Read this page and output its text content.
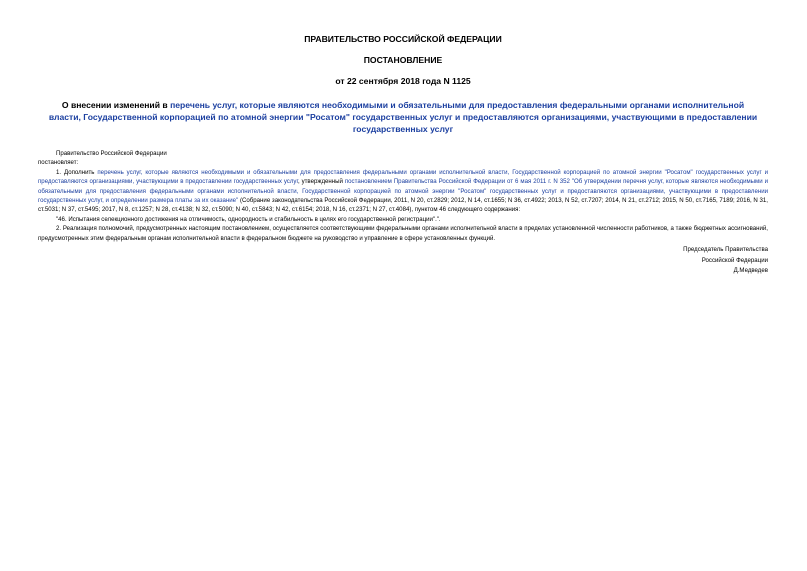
ПРАВИТЕЛЬСТВО РОССИЙСКОЙ ФЕДЕРАЦИИ
ПОСТАНОВЛЕНИЕ
от 22 сентября 2018 года N 1125
О внесении изменений в перечень услуг, которые являются необходимыми и обязательными для предоставления федеральными органами исполнительной власти, Государственной корпорацией по атомной энергии "Росатом" государственных услуг и предоставляются организациями, участвующими в предоставлении государственных услуг
Правительство Российской Федерации
постановляет:
1. Дополнить перечень услуг, которые являются необходимыми и обязательными для предоставления федеральными органами исполнительной власти, Государственной корпорацией по атомной энергии "Росатом" государственных услуг и предоставляются организациями, участвующими в предоставлении государственных услуг, утвержденный постановлением Правительства Российской Федерации от 6 мая 2011 г. N 352 "Об утверждении перечня услуг, которые являются необходимыми и обязательными для предоставления федеральными органами исполнительной власти, Государственной корпорацией по атомной энергии "Росатом" государственных услуг и предоставляются организациями, участвующими в предоставлении государственных услуг, и определении размера платы за их оказание" (Собрание законодательства Российской Федерации, 2011, N 20, ст.2829; 2012, N 14, ст.1655; N 36, ст.4922; 2013, N 52, ст.7207; 2014, N 21, ст.2712; 2015, N 50, ст.7165, 7189; 2016, N 31, ст.5031; N 37, ст.5495; 2017, N 8, ст.1257; N 28, ст.4138; N 32, ст.5090; N 40, ст.5843; N 42, ст.6154; 2018, N 16, ст.2371; N 27, ст.4084), пунктом 46 следующего содержания:
"46. Испытания селекционного достижения на отличимость, однородность и стабильность в целях его государственной регистрации".".
2. Реализация полномочий, предусмотренных настоящим постановлением, осуществляется соответствующими федеральными органами исполнительной власти в пределах установленной численности работников, а также бюджетных ассигнований, предусмотренных этим федеральным органам исполнительной власти в федеральном бюджете на руководство и управление в сфере установленных функций.
Председатель Правительства
Российской Федерации
Д.Медведев
